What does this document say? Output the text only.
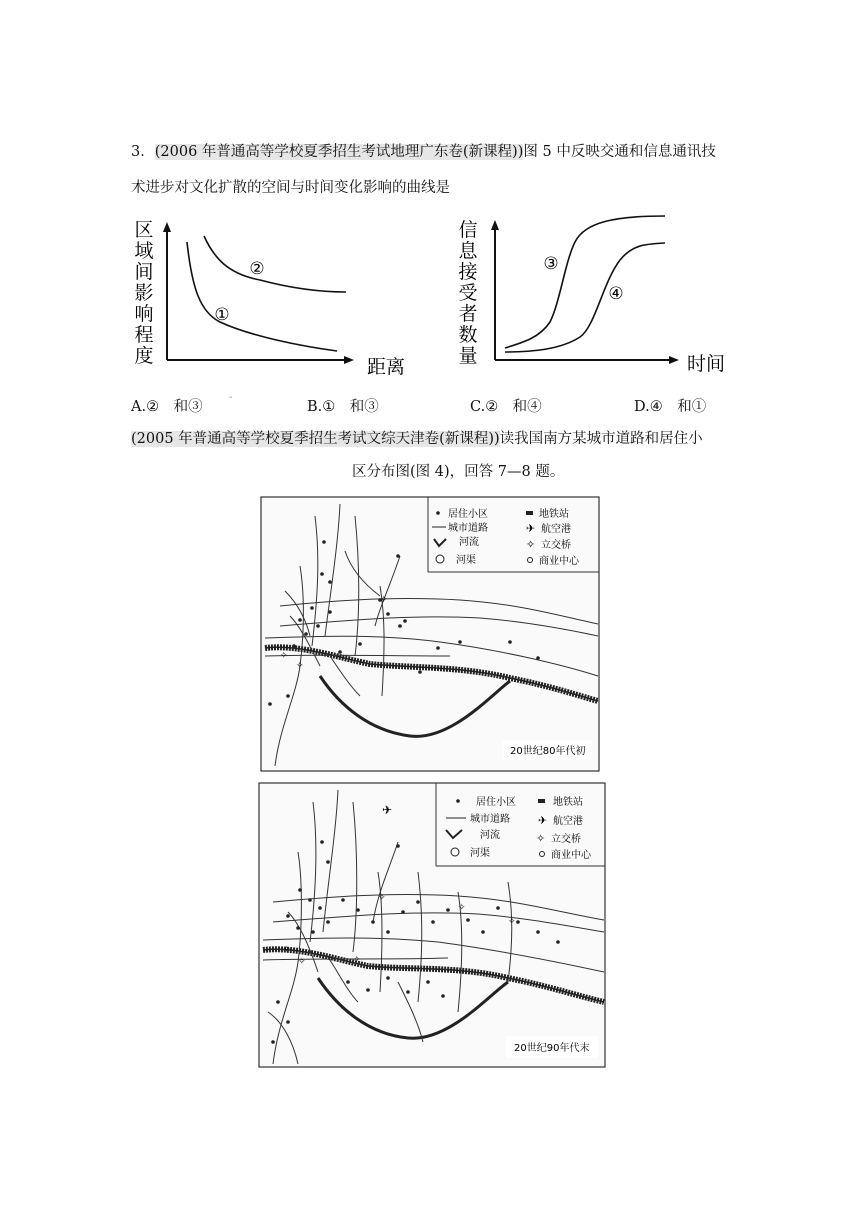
3．(2006 年普通高等学校夏季招生考试地理广东卷(新课程))图 5 中反映交通和信息通讯技
术进步对文化扩散的空间与时间变化影响的曲线是
区
域
间
影
响
程
度
①
②
距离
信
息
接
受
者
数
量
③
④
时间
A.②　和③
-
B.①　和③	C.②　和④	D.④　和①
(2005 年普通高等学校夏季招生考试文综天津卷(新课程))读我国南方某城市道路和居住小
区分布图(图 4)，回答 7—8 题。
居住小区
城市道路
河流
河渠
地铁站
✈ 航空港
✧ 立交桥
商业中心
✧
✧
✧
20世纪80年代初
居住小区
城市道路
河流
河渠
地铁站
✈ 航空港
✧ 立交桥
商业中心
✧
✧
✧
✧
✧
✧
✈
20世纪90年代末
